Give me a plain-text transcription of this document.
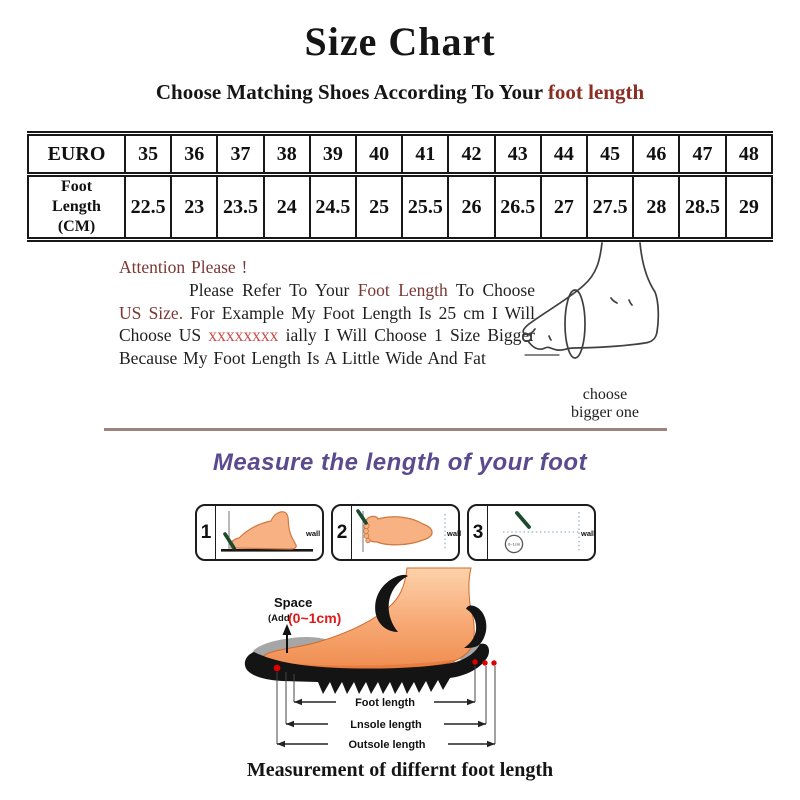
Size Chart
Choose Matching Shoes According To Your foot length
EURO	35	36	37	38	39	40	41	42	43	44	45	46	47	48
Foot
Length
(CM)	22.5	23	23.5	24	24.5	25	25.5	26	26.5	27	27.5	28	28.5	29
Attention Please !

Please Refer To Your Foot Length To Choose US Size. For Example My Foot Length Is 25 cm I Will Choose US xxxxxxxx ially I Will Choose 1 Size Bigger Because My Foot Length Is A Little Wide And Fat

choose
bigger one
Measure the length of your foot
1	wall 2	wall 3
0~1cm
wall
Space
(Add
(0~1cm)
Foot length
Lnsole length
Outsole length
Measurement of differnt foot length
